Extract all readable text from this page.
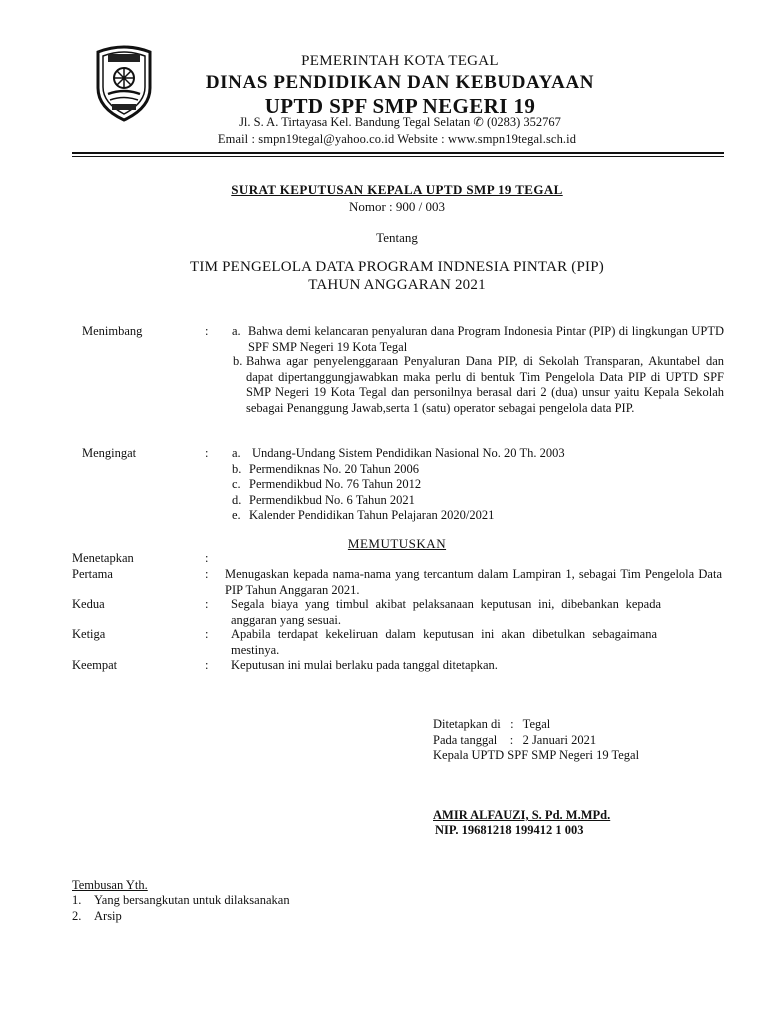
PEMERINTAH KOTA TEGAL
DINAS PENDIDIKAN DAN KEBUDAYAAN
UPTD SPF SMP NEGERI 19
Jl. S. A. Tirtayasa Kel. Bandung Tegal Selatan ✆ (0283) 352767
Email : smpn19tegal@yahoo.co.id Website : www.smpn19tegal.sch.id
SURAT KEPUTUSAN KEPALA UPTD SMP 19 TEGAL
Nomor : 900 / 003
Tentang
TIM PENGELOLA DATA PROGRAM INDNESIA PINTAR (PIP)
TAHUN ANGGARAN 2021
Menimbang	: a. Bahwa demi kelancaran penyaluran dana Program Indonesia Pintar (PIP) di lingkungan UPTD SPF SMP Negeri 19 Kota Tegal
b. Bahwa agar penyelenggaraan Penyaluran Dana PIP, di Sekolah Transparan, Akuntabel dan dapat dipertanggungjawabkan maka perlu di bentuk Tim Pengelola Data PIP di UPTD SPF SMP Negeri 19 Kota Tegal dan personilnya berasal dari 2 (dua) unsur yaitu Kepala Sekolah sebagai Penanggung Jawab,serta 1 (satu) operator sebagai pengelola data PIP.
Mengingat	: a. Undang-Undang Sistem Pendidikan Nasional No. 20 Th. 2003
b. Permendiknas No. 20 Tahun 2006
c. Permendikbud No. 76 Tahun 2012
d. Permendikbud No. 6 Tahun 2021
e. Kalender Pendidikan Tahun Pelajaran 2020/2021
MEMUTUSKAN
Menetapkan	:
Pertama	: Menugaskan kepada nama-nama yang tercantum dalam Lampiran 1, sebagai Tim Pengelola Data PIP Tahun Anggaran 2021.
Kedua	: Segala biaya yang timbul akibat pelaksanaan keputusan ini, dibebankan kepada anggaran yang sesuai.
Ketiga	: Apabila terdapat kekeliruan dalam keputusan ini akan dibetulkan sebagaimana mestinya.
Keempat	: Keputusan ini mulai berlaku pada tanggal ditetapkan.
Ditetapkan di   :   Tegal
Pada tanggal    :   2 Januari 2021
Kepala UPTD SPF SMP Negeri 19 Tegal
AMIR ALFAUZI, S. Pd. M.MPd.
NIP. 19681218 199412 1 003
Tembusan Yth.
1. Yang bersangkutan untuk dilaksanakan
2. Arsip
